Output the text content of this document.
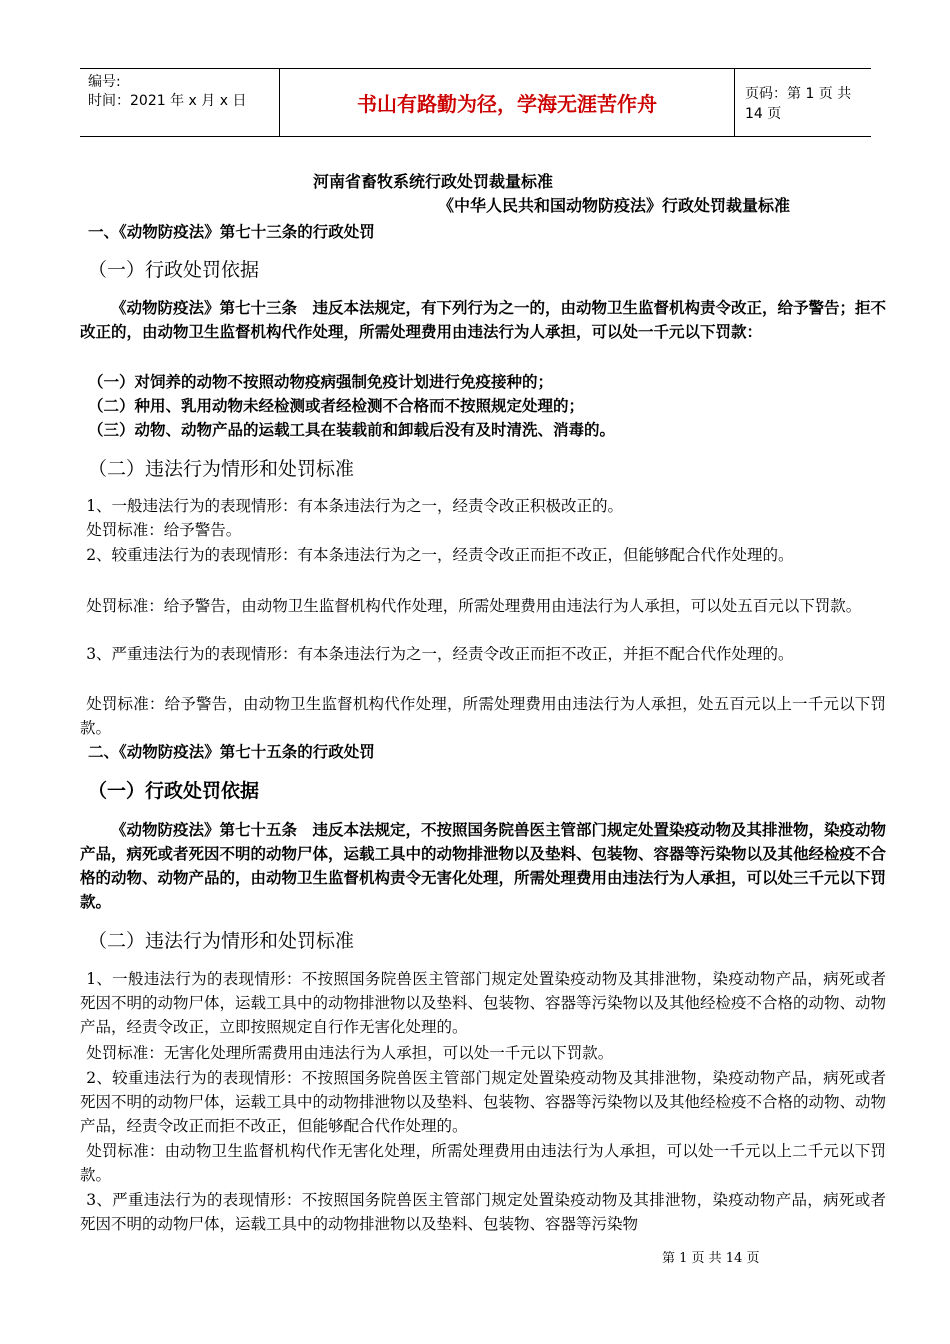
编号:
时间：2021 年 x 月 x 日	书山有路勤为径，学海无涯苦作舟	页码：第 1 页 共 14 页
河南省畜牧系统行政处罚裁量标准
《中华人民共和国动物防疫法》行政处罚裁量标准
一、《动物防疫法》第七十三条的行政处罚
（一）行政处罚依据
《动物防疫法》第七十三条　违反本法规定，有下列行为之一的，由动物卫生监督机构责令改正，给予警告；拒不改正的，由动物卫生监督机构代作处理，所需处理费用由违法行为人承担，可以处一千元以下罚款：
（一）对饲养的动物不按照动物疫病强制免疫计划进行免疫接种的；
（二）种用、乳用动物未经检测或者经检测不合格而不按照规定处理的；
（三）动物、动物产品的运载工具在装载前和卸载后没有及时清洗、消毒的。
（二）违法行为情形和处罚标准
1、一般违法行为的表现情形：有本条违法行为之一，经责令改正积极改正的。
处罚标准：给予警告。
2、较重违法行为的表现情形：有本条违法行为之一，经责令改正而拒不改正，但能够配合代作处理的。
处罚标准：给予警告，由动物卫生监督机构代作处理，所需处理费用由违法行为人承担，可以处五百元以下罚款。
3、严重违法行为的表现情形：有本条违法行为之一，经责令改正而拒不改正，并拒不配合代作处理的。
处罚标准：给予警告，由动物卫生监督机构代作处理，所需处理费用由违法行为人承担，处五百元以上一千元以下罚款。
二、《动物防疫法》第七十五条的行政处罚
（一）行政处罚依据
《动物防疫法》第七十五条　违反本法规定，不按照国务院兽医主管部门规定处置染疫动物及其排泄物，染疫动物产品，病死或者死因不明的动物尸体，运载工具中的动物排泄物以及垫料、包装物、容器等污染物以及其他经检疫不合格的动物、动物产品的，由动物卫生监督机构责令无害化处理，所需处理费用由违法行为人承担，可以处三千元以下罚款。
（二）违法行为情形和处罚标准
1、一般违法行为的表现情形：不按照国务院兽医主管部门规定处置染疫动物及其排泄物，染疫动物产品，病死或者死因不明的动物尸体，运载工具中的动物排泄物以及垫料、包装物、容器等污染物以及其他经检疫不合格的动物、动物产品，经责令改正，立即按照规定自行作无害化处理的。
处罚标准：无害化处理所需费用由违法行为人承担，可以处一千元以下罚款。
2、较重违法行为的表现情形：不按照国务院兽医主管部门规定处置染疫动物及其排泄物，染疫动物产品，病死或者死因不明的动物尸体，运载工具中的动物排泄物以及垫料、包装物、容器等污染物以及其他经检疫不合格的动物、动物产品，经责令改正而拒不改正，但能够配合代作处理的。
处罚标准：由动物卫生监督机构代作无害化处理，所需处理费用由违法行为人承担，可以处一千元以上二千元以下罚款。
3、严重违法行为的表现情形：不按照国务院兽医主管部门规定处置染疫动物及其排泄物，染疫动物产品，病死或者死因不明的动物尸体，运载工具中的动物排泄物以及垫料、包装物、容器等污染物
第 1 页 共 14 页
